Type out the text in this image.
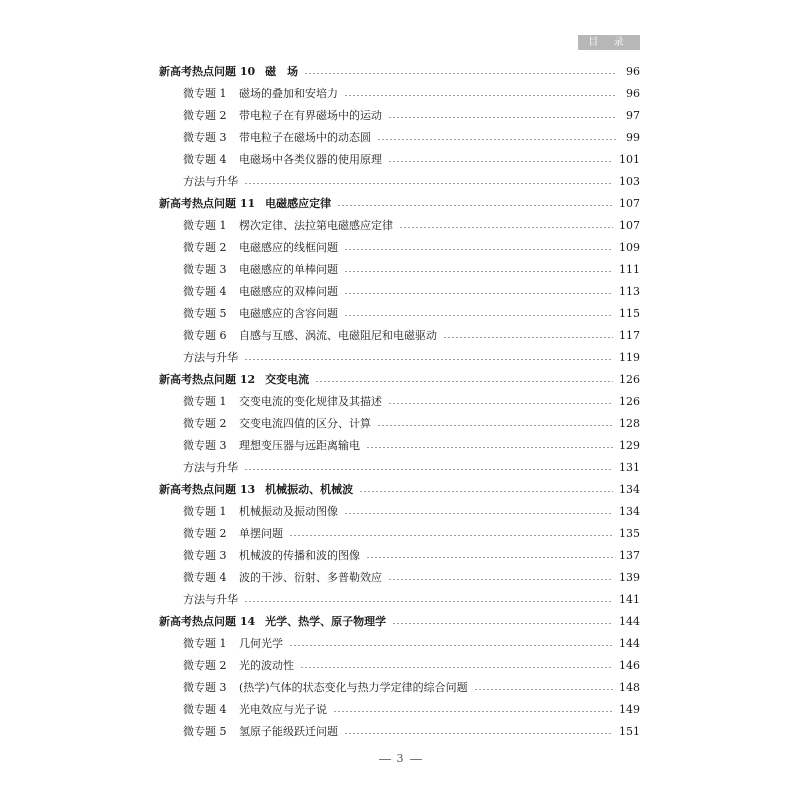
目 录
新高考热点问题 10 磁　场	96
微专题 1	磁场的叠加和安培力	96
微专题 2	带电粒子在有界磁场中的运动	97
微专题 3	带电粒子在磁场中的动态圆	99
微专题 4	电磁场中各类仪器的使用原理	101
方法与升华	103
新高考热点问题 11 电磁感应定律	107
微专题 1	楞次定律、法拉第电磁感应定律	107
微专题 2	电磁感应的线框问题	109
微专题 3	电磁感应的单棒问题	111
微专题 4	电磁感应的双棒问题	113
微专题 5	电磁感应的含容问题	115
微专题 6	自感与互感、涡流、电磁阻尼和电磁驱动	117
方法与升华	119
新高考热点问题 12 交变电流	126
微专题 1	交变电流的变化规律及其描述	126
微专题 2	交变电流四值的区分、计算	128
微专题 3	理想变压器与远距离输电	129
方法与升华	131
新高考热点问题 13 机械振动、机械波	134
微专题 1	机械振动及振动图像	134
微专题 2	单摆问题	135
微专题 3	机械波的传播和波的图像	137
微专题 4	波的干涉、衍射、多普勒效应	139
方法与升华	141
新高考热点问题 14 光学、热学、原子物理学	144
微专题 1	几何光学	144
微专题 2	光的波动性	146
微专题 3	(热学)气体的状态变化与热力学定律的综合问题	148
微专题 4	光电效应与光子说	149
微专题 5	氢原子能级跃迁问题	151
3
